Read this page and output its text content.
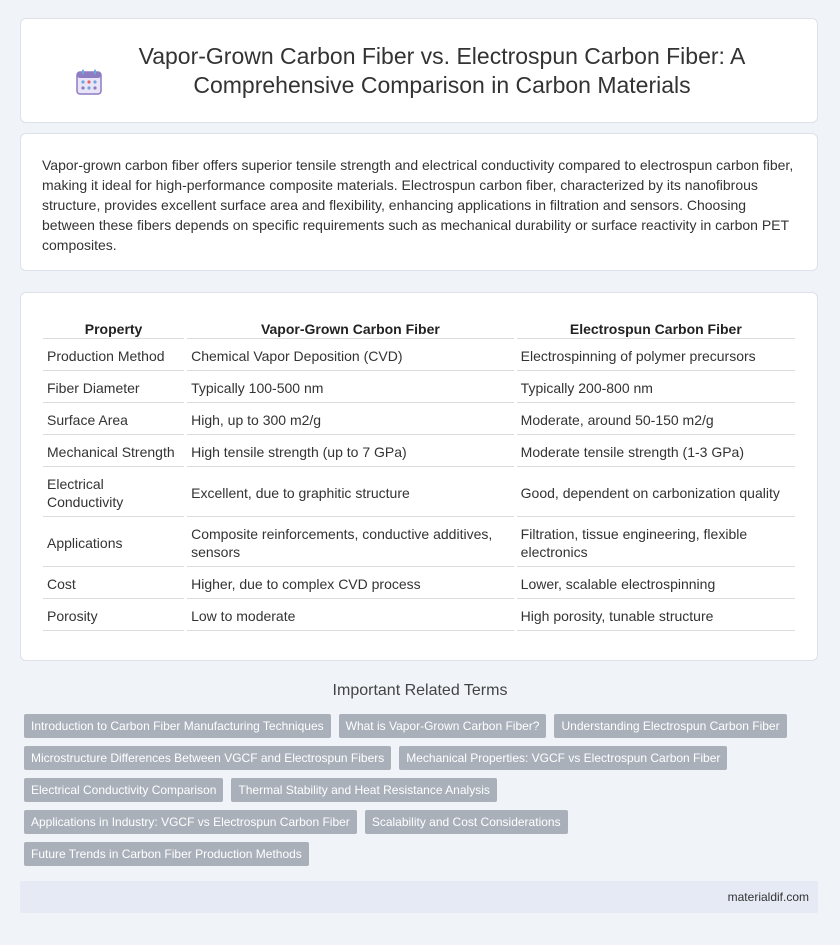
Vapor-Grown Carbon Fiber vs. Electrospun Carbon Fiber: A Comprehensive Comparison in Carbon Materials

Vapor-grown carbon fiber offers superior tensile strength and electrical conductivity compared to electrospun carbon fiber, making it ideal for high-performance composite materials. Electrospun carbon fiber, characterized by its nanofibrous structure, provides excellent surface area and flexibility, enhancing applications in filtration and sensors. Choosing between these fibers depends on specific requirements such as mechanical durability or surface reactivity in carbon PET composites.

Property	Vapor-Grown Carbon Fiber	Electrospun Carbon Fiber
Production Method	Chemical Vapor Deposition (CVD)	Electrospinning of polymer precursors
Fiber Diameter	Typically 100-500 nm	Typically 200-800 nm
Surface Area	High, up to 300 m2/g	Moderate, around 50-150 m2/g
Mechanical Strength	High tensile strength (up to 7 GPa)	Moderate tensile strength (1-3 GPa)
Electrical Conductivity	Excellent, due to graphitic structure	Good, dependent on carbonization quality
Applications	Composite reinforcements, conductive additives, sensors	Filtration, tissue engineering, flexible electronics
Cost	Higher, due to complex CVD process	Lower, scalable electrospinning
Porosity	Low to moderate	High porosity, tunable structure
Important Related Terms
Introduction to Carbon Fiber Manufacturing Techniques	What is Vapor-Grown Carbon Fiber?	Understanding Electrospun Carbon Fiber
Microstructure Differences Between VGCF and Electrospun Fibers	Mechanical Properties: VGCF vs Electrospun Carbon Fiber
Electrical Conductivity Comparison	Thermal Stability and Heat Resistance Analysis
Applications in Industry: VGCF vs Electrospun Carbon Fiber	Scalability and Cost Considerations
Future Trends in Carbon Fiber Production Methods
materialdif.com
